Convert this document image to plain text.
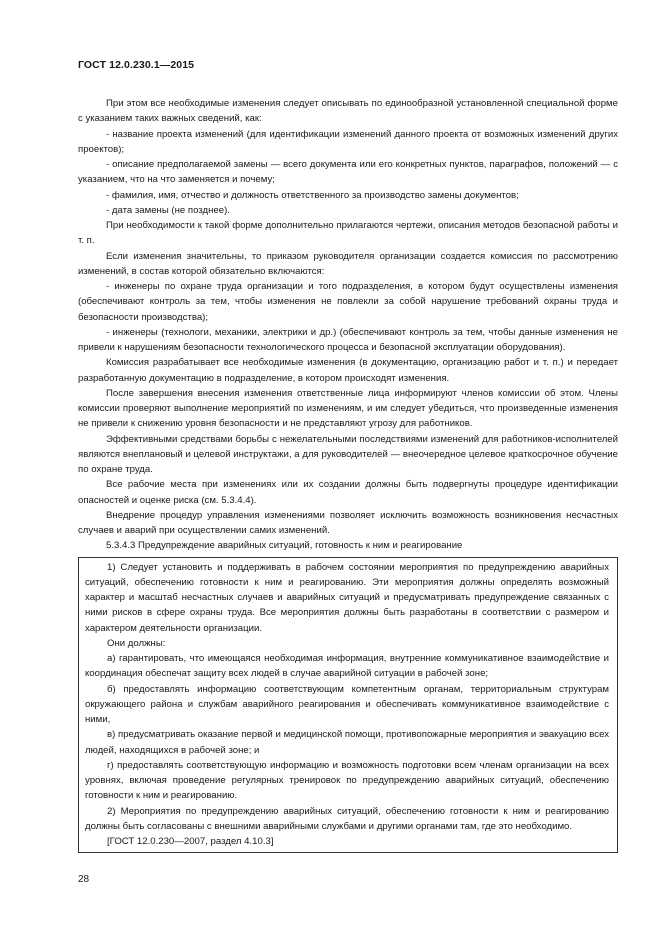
ГОСТ 12.0.230.1—2015

При этом все необходимые изменения следует описывать по единообразной установленной специальной форме с указанием таких важных сведений, как:

- название проекта изменений (для идентификации изменений данного проекта от возможных изменений других проектов);

- описание предполагаемой замены — всего документа или его конкретных пунктов, параграфов, положений — с указанием, что на что заменяется и почему;

- фамилия, имя, отчество и должность ответственного за производство замены документов;

- дата замены (не позднее).

При необходимости к такой форме дополнительно прилагаются чертежи, описания методов безопасной работы и т. п.

Если изменения значительны, то приказом руководителя организации создается комиссия по рассмотрению изменений, в состав которой обязательно включаются:

- инженеры по охране труда организации и того подразделения, в котором будут осуществлены изменения (обеспечивают контроль за тем, чтобы изменения не повлекли за собой нарушение требований охраны труда и безопасности производства);

- инженеры (технологи, механики, электрики и др.) (обеспечивают контроль за тем, чтобы данные изменения не привели к нарушениям безопасности технологического процесса и безопасной эксплуатации оборудования).

Комиссия разрабатывает все необходимые изменения (в документацию, организацию работ и т. п.) и передает разработанную документацию в подразделение, в котором происходят изменения.

После завершения внесения изменения ответственные лица информируют членов комиссии об этом. Члены комиссии проверяют выполнение мероприятий по изменениям, и им следует убедиться, что произведенные изменения не привели к снижению уровня безопасности и не представляют угрозу для работников.

Эффективными средствами борьбы с нежелательными последствиями изменений для работников-исполнителей являются внеплановый и целевой инструктажи, а для руководителей — внеочередное целевое краткосрочное обучение по охране труда.

Все рабочие места при изменениях или их создании должны быть подвергнуты процедуре идентификации опасностей и оценке риска (см. 5.3.4.4).

Внедрение процедур управления изменениями позволяет исключить возможность возникновения несчастных случаев и аварий при осуществлении самих изменений.

5.3.4.3 Предупреждение аварийных ситуаций, готовность к ним и реагирование

1) Следует установить и поддерживать в рабочем состоянии мероприятия по предупреждению аварийных ситуаций, обеспечению готовности к ним и реагированию. Эти мероприятия должны определять возможный характер и масштаб несчастных случаев и аварийных ситуаций и предусматривать предупреждение связанных с ними рисков в сфере охраны труда. Все мероприятия должны быть разработаны в соответствии с размером и характером деятельности организации.

Они должны:

а) гарантировать, что имеющаяся необходимая информация, внутренние коммуникативное взаимодействие и координация обеспечат защиту всех людей в случае аварийной ситуации в рабочей зоне;

б) предоставлять информацию соответствующим компетентным органам, территориальным структурам окружающего района и службам аварийного реагирования и обеспечивать коммуникативное взаимодействие с ними,

в) предусматривать оказание первой и медицинской помощи, противопожарные мероприятия и эвакуацию всех людей, находящихся в рабочей зоне; и

г) предоставлять соответствующую информацию и возможность подготовки всем членам организации на всех уровнях, включая проведение регулярных тренировок по предупреждению аварийных ситуаций, обеспечению готовности к ним и реагированию.

2) Мероприятия по предупреждению аварийных ситуаций, обеспечению готовности к ним и реагированию должны быть согласованы с внешними аварийными службами и другими органами там, где это необходимо.

[ГОСТ 12.0.230—2007, раздел 4.10.3]

28
